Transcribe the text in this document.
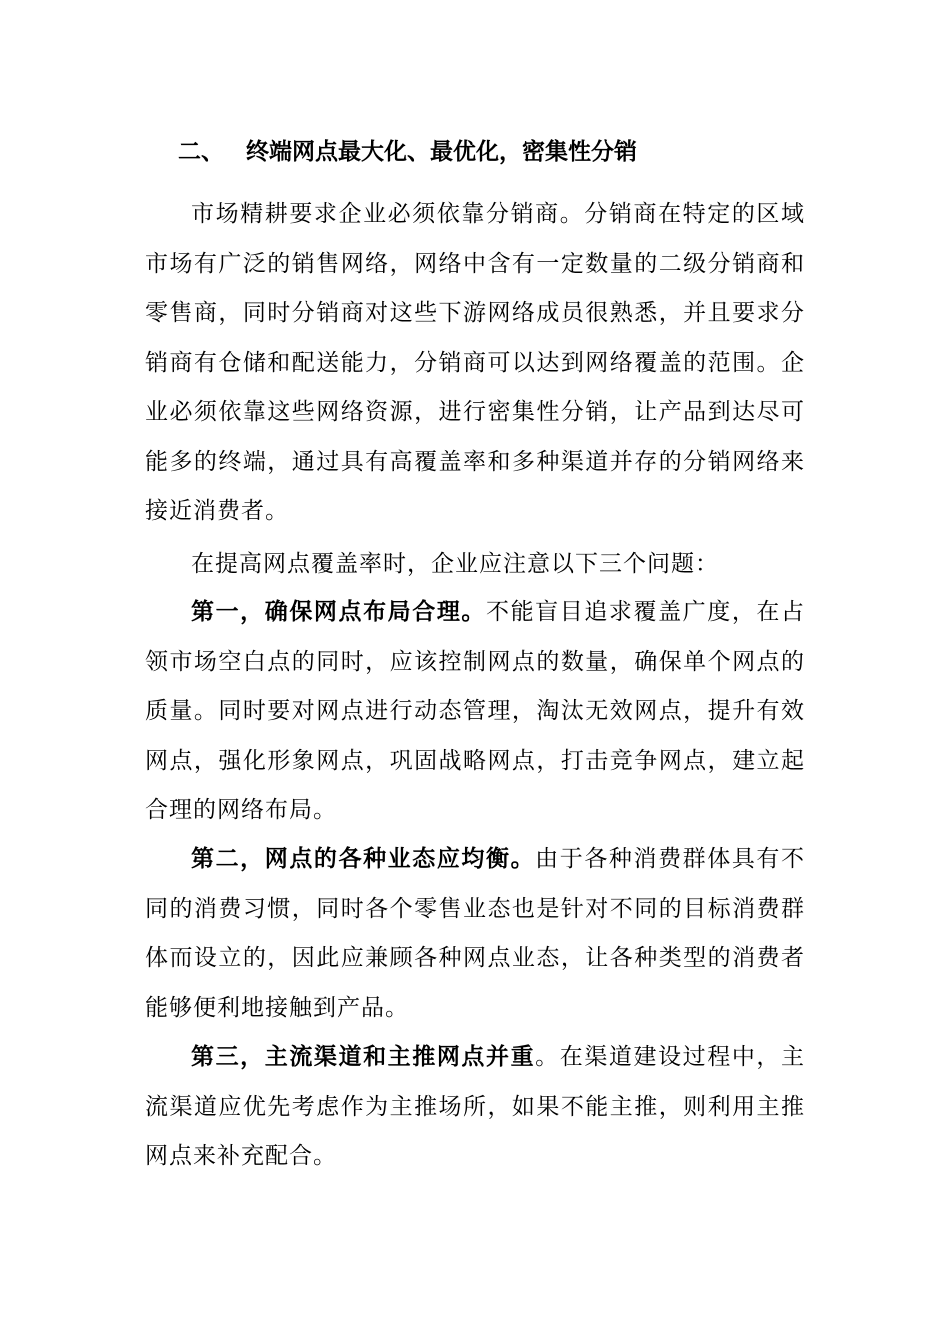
二、 终端网点最大化、最优化，密集性分销

市场精耕要求企业必须依靠分销商。分销商在特定的区域市场有广泛的销售网络，网络中含有一定数量的二级分销商和零售商，同时分销商对这些下游网络成员很熟悉，并且要求分销商有仓储和配送能力，分销商可以达到网络覆盖的范围。企业必须依靠这些网络资源，进行密集性分销，让产品到达尽可能多的终端，通过具有高覆盖率和多种渠道并存的分销网络来接近消费者。

在提高网点覆盖率时，企业应注意以下三个问题：

第一，确保网点布局合理。不能盲目追求覆盖广度，在占领市场空白点的同时，应该控制网点的数量，确保单个网点的质量。同时要对网点进行动态管理，淘汰无效网点，提升有效网点，强化形象网点，巩固战略网点，打击竞争网点，建立起合理的网络布局。

第二，网点的各种业态应均衡。由于各种消费群体具有不同的消费习惯，同时各个零售业态也是针对不同的目标消费群体而设立的，因此应兼顾各种网点业态，让各种类型的消费者能够便利地接触到产品。

第三，主流渠道和主推网点并重。在渠道建设过程中，主流渠道应优先考虑作为主推场所，如果不能主推，则利用主推网点来补充配合。
